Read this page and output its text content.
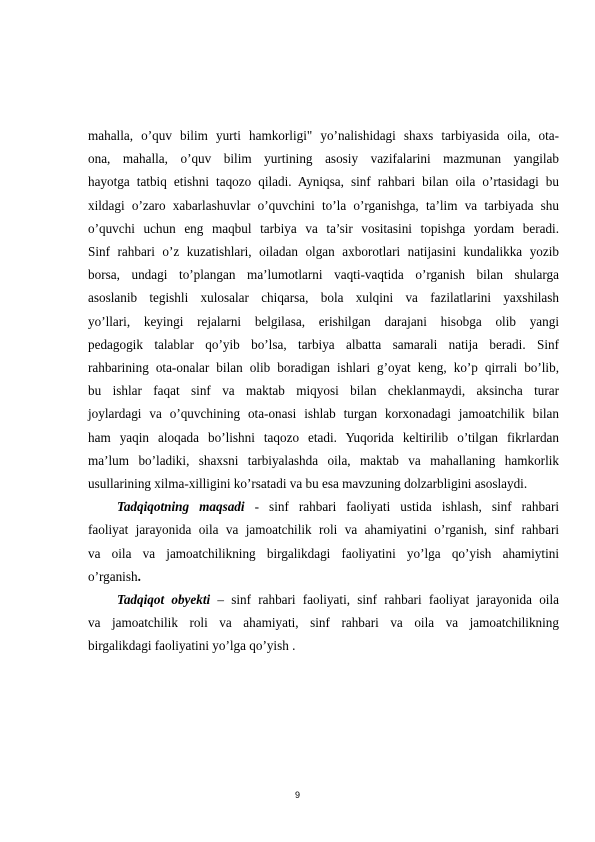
mahalla, o’quv bilim yurti hamkorligi" yo’nalishidagi shaxs tarbiyasida oila, ota-
ona, mahalla, o’quv bilim yurtining asosiy vazifalarini mazmunan yangilab
hayotga tatbiq etishni taqozo qiladi. Ayniqsa, sinf rahbari bilan oila o’rtasidagi bu
xildagi o’zaro xabarlashuvlar o’quvchini to’la o’rganishga, ta’lim va tarbiyada shu
o’quvchi uchun eng maqbul tarbiya va ta’sir vositasini topishga yordam beradi.
Sinf rahbari o’z kuzatishlari, oiladan olgan axborotlari natijasini kundalikka yozib
borsa, undagi to’plangan ma’lumotlarni vaqti-vaqtida o’rganish bilan shularga
asoslanib tegishli xulosalar chiqarsa, bola xulqini va fazilatlarini yaxshilash
yo’llari, keyingi rejalarni belgilasa, erishilgan darajani hisobga olib yangi
pedagogik talablar qo’yib bo’lsa, tarbiya albatta samarali natija beradi. Sinf
rahbarining ota-onalar bilan olib boradigan ishlari g’oyat keng, ko’p qirrali bo’lib,
bu ishlar faqat sinf va maktab miqyosi bilan cheklanmaydi, aksincha turar
joylardagi va o’quvchining ota-onasi ishlab turgan korxonadagi jamoatchilik bilan
ham yaqin aloqada bo’lishni taqozo etadi. Yuqorida keltirilib o’tilgan fikrlardan
ma’lum bo’ladiki, shaxsni tarbiyalashda oila, maktab va mahallaning hamkorlik
usullarining xilma-xilligini ko’rsatadi va bu esa mavzuning dolzarbligini asoslaydi.
Tadqiqotning maqsadi - sinf rahbari faoliyati ustida ishlash, sinf rahbari
faoliyat jarayonida oila va jamoatchilik roli va ahamiyatini o’rganish, sinf rahbari
va oila va jamoatchilikning birgalikdagi faoliyatini yo’lga qo’yish ahamiytini
o’rganish.
Tadqiqot obyekti – sinf rahbari faoliyati, sinf rahbari faoliyat jarayonida oila
va jamoatchilik roli va ahamiyati, sinf rahbari va oila va jamoatchilikning
birgalikdagi faoliyatini yo’lga qo’yish .
9
